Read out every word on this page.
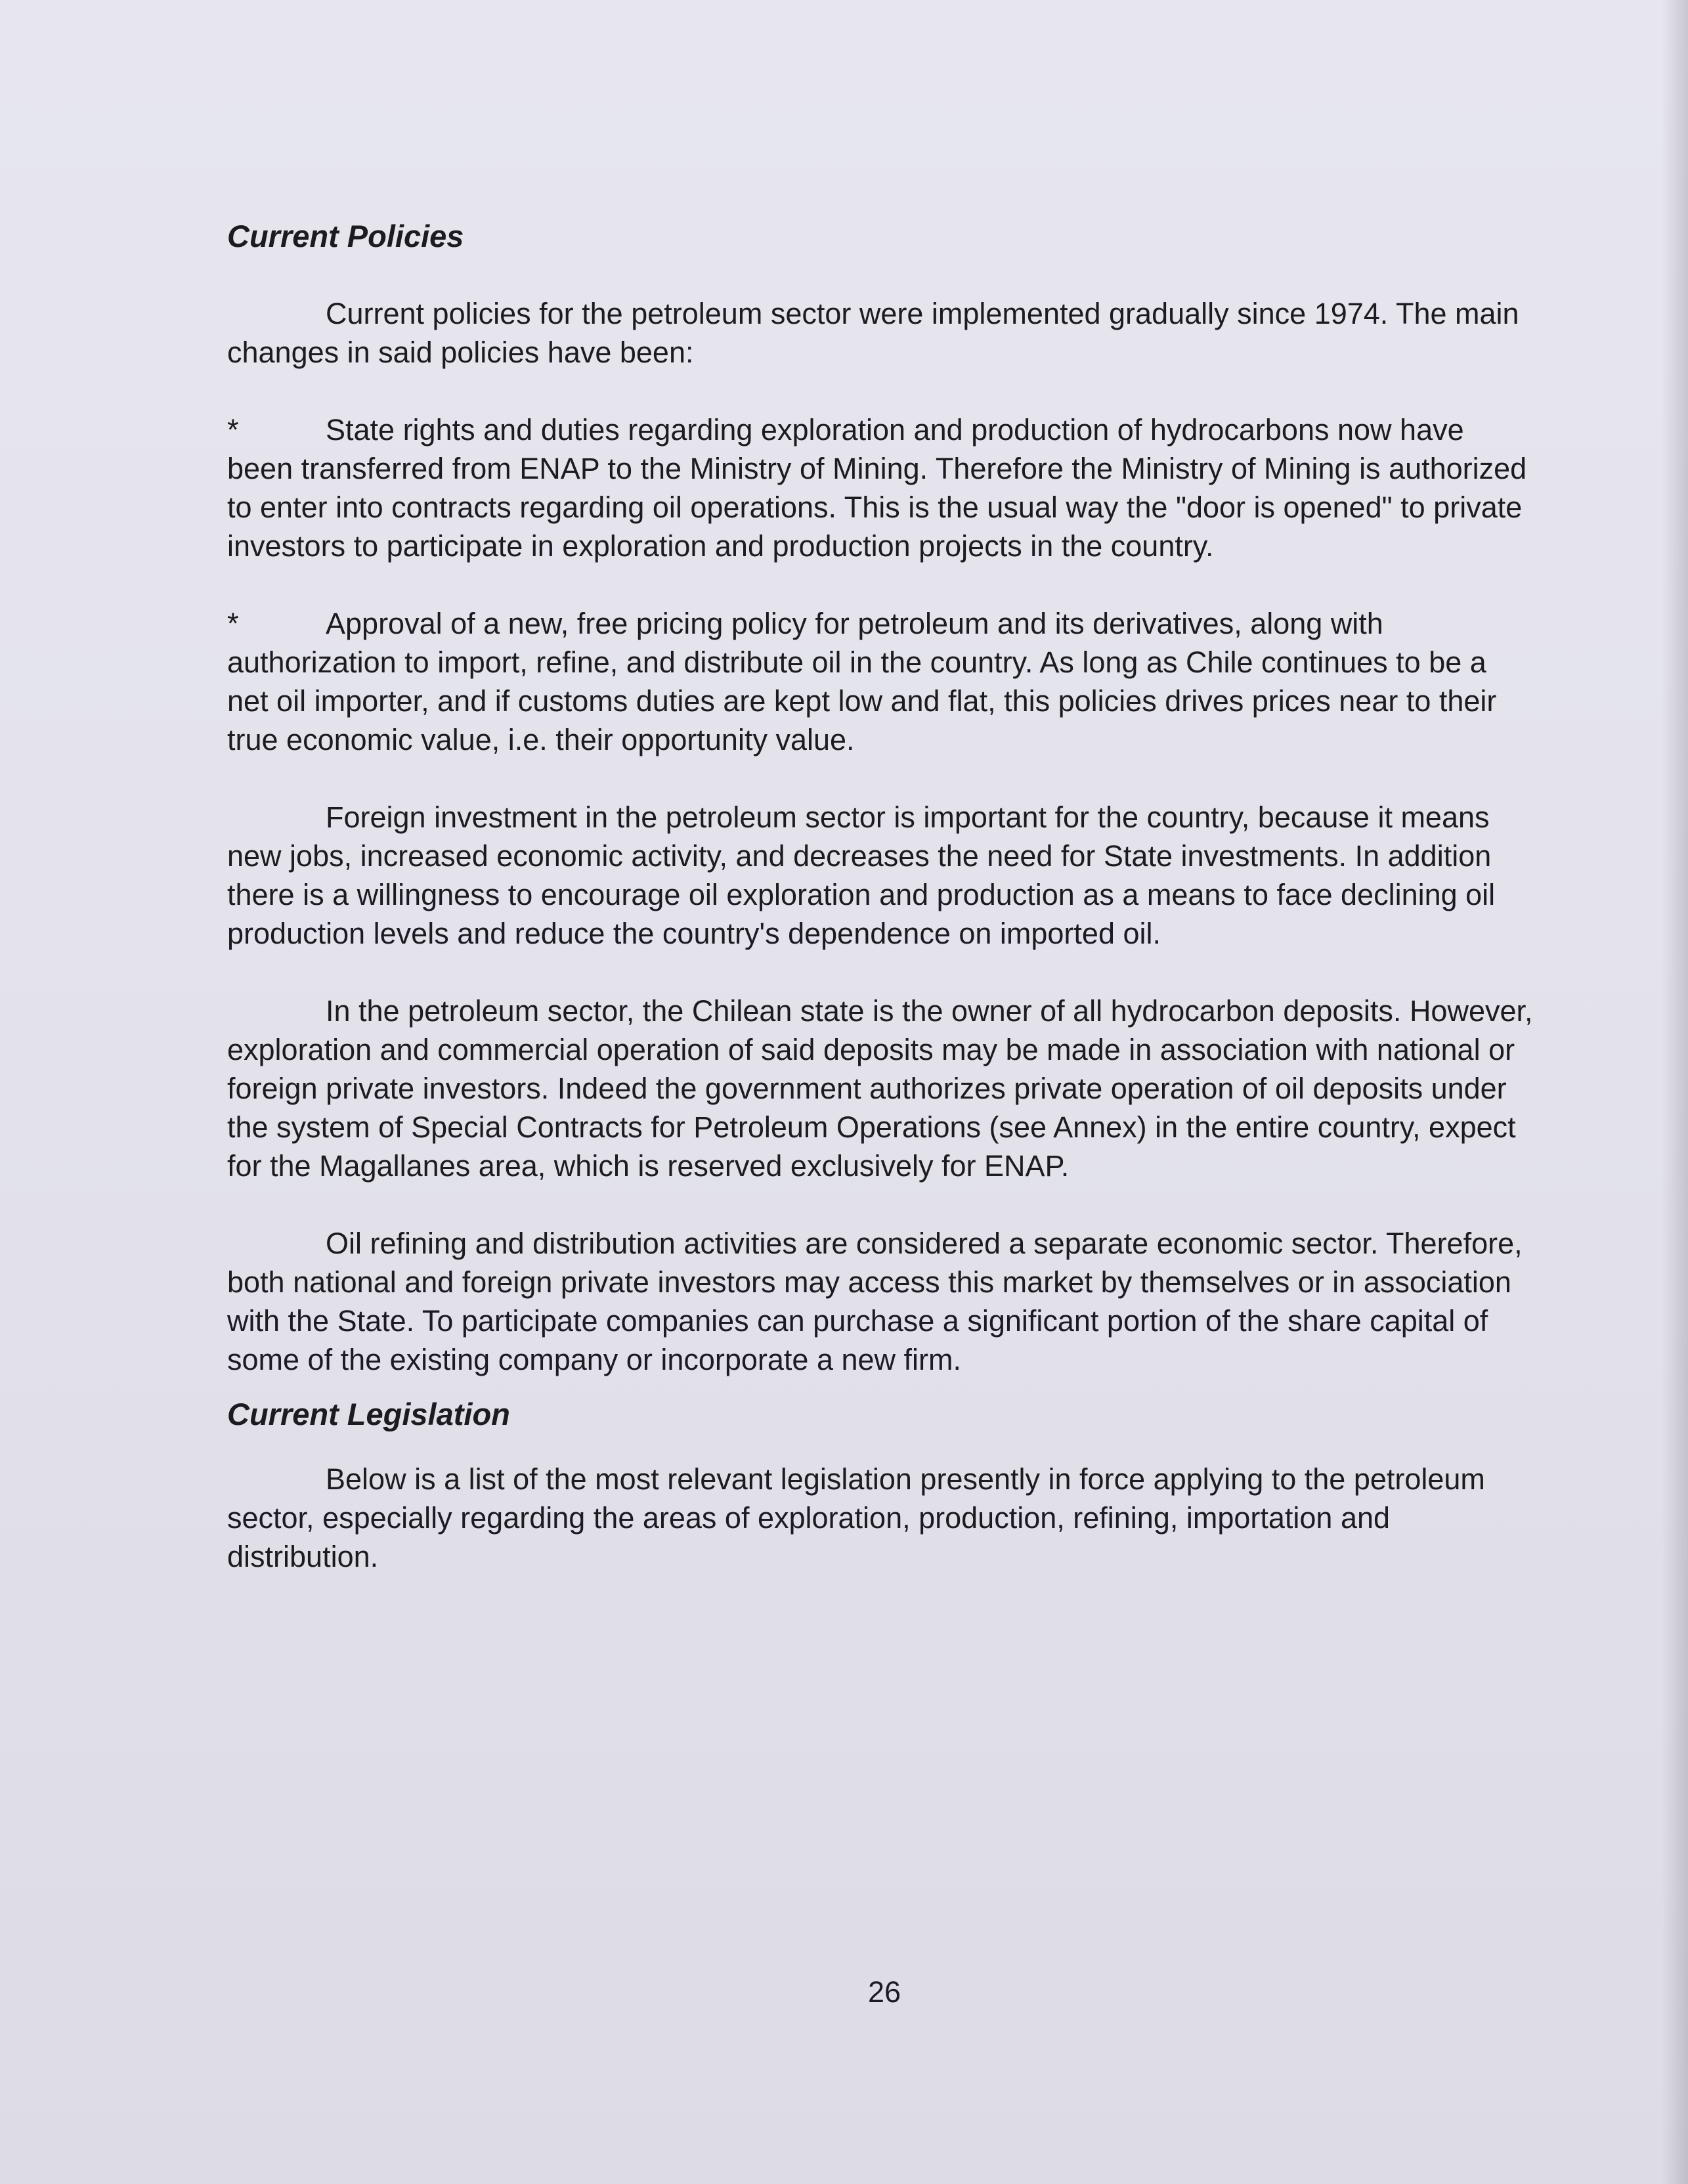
Current Policies

Current policies for the petroleum sector were implemented gradually since 1974. The main changes in said policies have been:

*	State rights and duties regarding exploration and production of hydrocarbons now have been transferred from ENAP to the Ministry of Mining. Therefore the Ministry of Mining is authorized to enter into contracts regarding oil operations. This is the usual way the "door is opened" to private investors to participate in exploration and production projects in the country.

*	Approval of a new, free pricing policy for petroleum and its derivatives, along with authorization to import, refine, and distribute oil in the country. As long as Chile continues to be a net oil importer, and if customs duties are kept low and flat, this policies drives prices near to their true economic value, i.e. their opportunity value.

Foreign investment in the petroleum sector is important for the country, because it means new jobs, increased economic activity, and decreases the need for State investments. In addition there is a willingness to encourage oil exploration and production as a means to face declining oil production levels and reduce the country's dependence on imported oil.

In the petroleum sector, the Chilean state is the owner of all hydrocarbon deposits. However, exploration and commercial operation of said deposits may be made in association with national or foreign private investors. Indeed the government authorizes private operation of oil deposits under the system of Special Contracts for Petroleum Operations (see Annex) in the entire country, expect for the Magallanes area, which is reserved exclusively for ENAP.

Oil refining and distribution activities are considered a separate economic sector. Therefore, both national and foreign private investors may access this market by themselves or in association with the State. To participate companies can purchase a significant portion of the share capital of some of the existing company or incorporate a new firm.

Current Legislation

Below is a list of the most relevant legislation presently in force applying to the petroleum sector, especially regarding the areas of exploration, production, refining, importation and distribution.

26
